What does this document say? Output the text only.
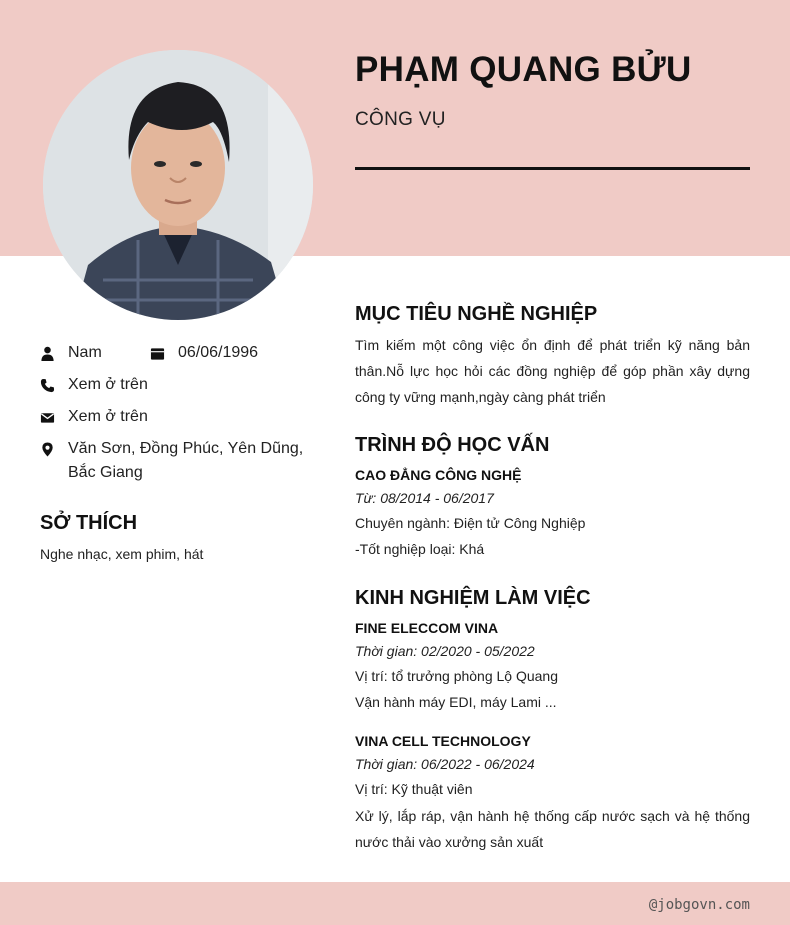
PHẠM QUANG BỬU
CÔNG VỤ
Nam	06/06/1996
Xem ở trên
Xem ở trên
Văn Sơn, Đồng Phúc, Yên Dũng,
Bắc Giang
SỞ THÍCH
Nghe nhạc, xem phim, hát
MỤC TIÊU NGHỀ NGHIỆP
Tìm kiếm một công việc ổn định để phát triển kỹ năng bản thân.Nỗ lực học hỏi các đồng nghiệp để góp phần xây dựng công ty vững mạnh,ngày càng phát triển
TRÌNH ĐỘ HỌC VẤN
CAO ĐẲNG CÔNG NGHỆ
Từ: 08/2014 - 06/2017
Chuyên ngành: Điện tử Công Nghiệp
-Tốt nghiệp loại: Khá
KINH NGHIỆM LÀM VIỆC
FINE ELECCOM VINA
Thời gian: 02/2020 - 05/2022
Vị trí: tổ trưởng phòng Lộ Quang
Vận hành máy EDI, máy Lami ...
VINA CELL TECHNOLOGY
Thời gian: 06/2022 - 06/2024
Vị trí: Kỹ thuật viên
Xử lý, lắp ráp, vận hành hệ thống cấp nước sạch và hệ thống nước thải vào xưởng sản xuất
@jobgovn.com
